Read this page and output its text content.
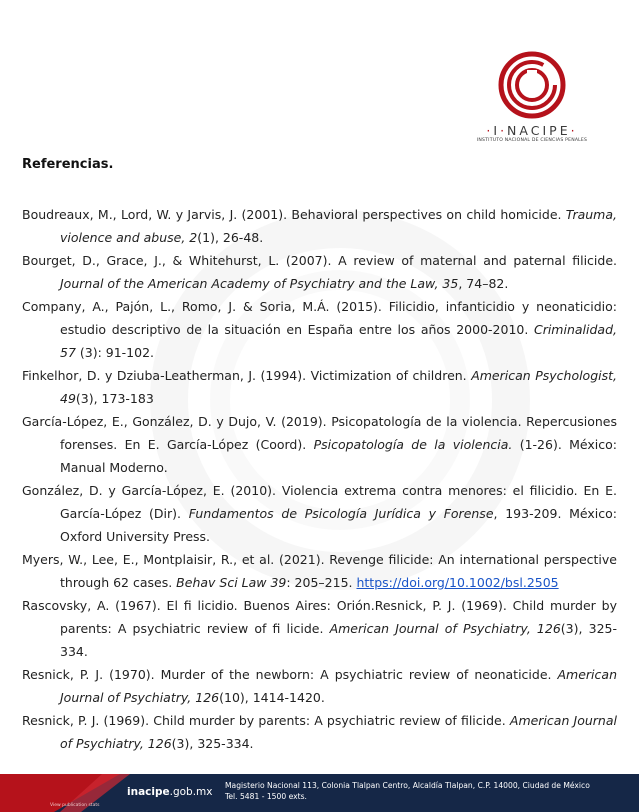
·I·NACIPE·
INSTITUTO NACIONAL DE CIENCIAS PENALES
Referencias.

Boudreaux, M., Lord, W. y Jarvis, J. (2001). Behavioral perspectives on child homicide. Trauma, violence and abuse, 2(1), 26-48.

Bourget, D., Grace, J., & Whitehurst, L. (2007). A review of maternal and paternal filicide. Journal of the American Academy of Psychiatry and the Law, 35, 74–82.

Company, A., Pajón, L., Romo, J. & Soria, M.Á. (2015). Filicidio, infanticidio y neonaticidio: estudio descriptivo de la situación en España entre los años 2000-2010. Criminalidad, 57 (3): 91-102.

Finkelhor, D. y Dziuba-Leatherman, J. (1994). Victimization of children. American Psychologist, 49(3), 173-183

García-López, E., González, D. y Dujo, V. (2019). Psicopatología de la violencia. Repercusiones forenses. En E. García-López (Coord). Psicopatología de la violencia. (1-26). México: Manual Moderno.

González, D. y García-López, E. (2010). Violencia extrema contra menores: el filicidio. En E. García-López (Dir). Fundamentos de Psicología Jurídica y Forense, 193-209. México: Oxford University Press.

Myers, W., Lee, E., Montplaisir, R., et al. (2021). Revenge filicide: An international perspective through 62 cases. Behav Sci Law 39: 205–215. https://doi.org/10.1002/bsl.2505

Rascovsky, A. (1967). El fi licidio. Buenos Aires: Orión.Resnick, P. J. (1969). Child murder by parents: A psychiatric review of fi licide. American Journal of Psychiatry, 126(3), 325-334.

Resnick, P. J. (1970). Murder of the newborn: A psychiatric review of neonaticide. American Journal of Psychiatry, 126(10), 1414-1420.

Resnick, P. J. (1969). Child murder by parents: A psychiatric review of filicide. American Journal of Psychiatry, 126(3), 325-334.

View publication stats
inacipe.gob.mx
Magisterio Nacional 113, Colonia Tlalpan Centro, Alcaldía Tlalpan, C.P. 14000, Ciudad de México
Tel. 5481 - 1500 exts.
